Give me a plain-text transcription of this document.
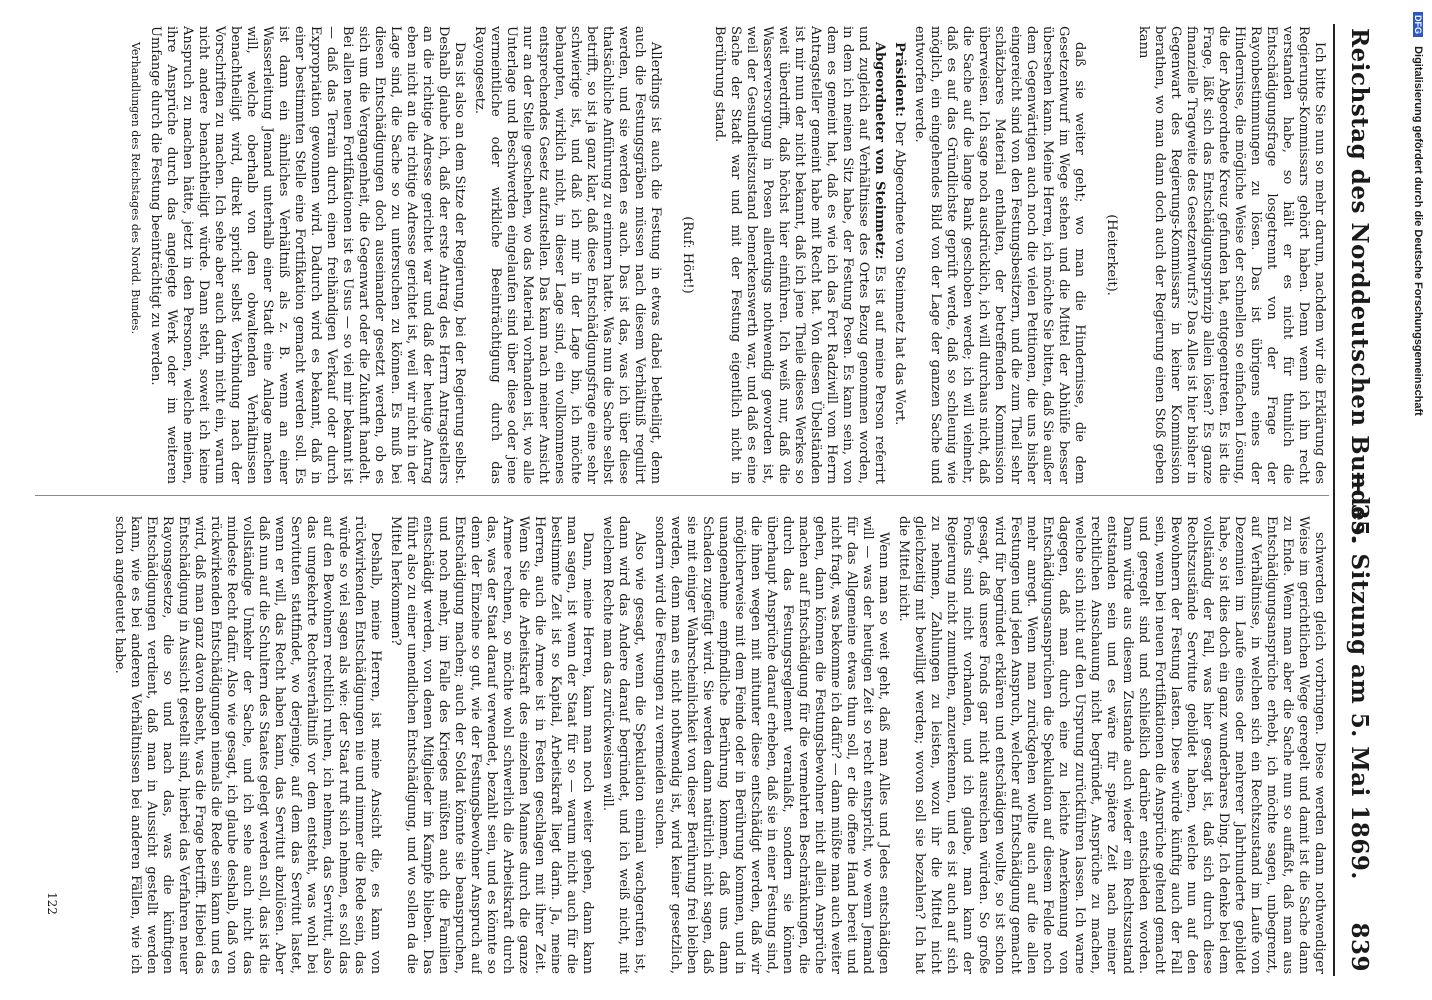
Reichstag des Norddeutschen Bundes.
— 35. Sitzung am 5. Mai 1869.     839

Ich bitte Sie nun so mehr darum, nachdem wir die Erklärung des Regierungs-Kommissars gehört haben. Denn wenn ich ihn recht verstanden habe, so hält er es nicht für thunlich die Entschädigungsfrage losgetrennt von der Frage der Rayonbestimmungen zu lösen. Das ist übrigens eines der Hindernisse, die mögliche Weise der schnellen so einfachen Lösung, die der Abgeordnete Kreuz gefunden hat, entgegentreten. Es ist die Frage, läßt sich das Entschädigungsprinzip allein lösen? Es ganze finanzielle Tragweite des Gesetzentwurfs? Das Alles ist hier bisher in Gegenwart des Regierungs-Kommissars in keiner Kommission berathen, wo man dann doch auch der Regierung einen Stoß geben kann

(Heiterkeit).

daß sie weiter geht; wo man die Hindernisse, die dem Gesetzentwurf im Wege stehen und die Mittel der Abhülfe besser übersehen kann. Meine Herren, ich möchte Sie bitten, daß Sie außer dem Gegenwärtigen auch noch die vielen Petitionen, die uns bisher eingereicht sind von den Festungsbesitzern, und die zum Theil sehr schätzbares Material enthalten, der betreffenden Kommission überweisen. Ich sage noch ausdrücklich, ich will durchaus nicht, daß die Sache auf die lange Bank geschoben werde; ich will vielmehr, daß es auf das Gründlichste geprüft werde, daß so schleunig wie möglich, ein eingehendes Bild von der Lage der ganzen Sache und entworfen werde.

Präsident: Der Abgeordnete von Steinmetz hat das Wort.

Abgeordneter von Steinmetz: Es ist auf meine Person referirt und zugleich auf Verhältnisse des Ortes Bezug genommen worden, in dem ich meinen Sitz habe, der Festung Posen. Es kann sein, von dem es gemeint hat, daß es wie ich das Fort Radziwill vom Herrn Antragsteller gemeint habe mit Recht hat. Von diesen Übelständen ist mir nun der nicht bekannt, daß ich jene Theile dieses Werkes so weit überdrifft, daß höchst hier einführen. Ich weiß nur, daß die Wasserversorgung in Posen allerdings nothwendig geworden ist, weil der Gesundheitszustand bemerkenswerth war, und daß es eine Sache der Stadt war und mit der Festung eigentlich nicht in Berührung stand.

(Ruf: Hört!)

Allerdings ist auch die Festung in etwas dabei betheiligt, denn auch die Festungsgräben müssen nach diesem Verhältniß regulirt werden, und sie werden es auch. Das ist das, was ich über diese thatsächliche Anführung zu erinnern hatte. Was nun die Sache selbst betrifft, so ist ja ganz klar, daß diese Entschädigungsfrage eine sehr schwierige ist, und daß ich mir in der Lage bin, ich möchte behaupten, wirklich nicht, in dieser Lage sind, ein vollkommenes entsprechendes Gesetz aufzustellen. Das kann nach meiner Ansicht nur an der Stelle geschehen, wo das Material vorhanden ist, wo alle Unterlage und Beschwerden eingelaufen sind über diese oder jene vermeintliche oder wirkliche Beeinträchtigung durch das Rayongesetz.

Das ist also an dem Sitze der Regierung, bei der Regierung selbst. Deshalb glaube ich, daß der erste Antrag des Herrn Antragstellers an die richtige Adresse gerichtet war und daß der heutige Antrag eben nicht an die richtige Adresse gerichtet ist, weil wir nicht in der Lage sind, die Sache so zu untersuchen zu können. Es muß bei diesen Entschädigungen doch auseinander gesetzt werden, ob es sich um die Vergangenheit, die Gegenwart oder die Zukunft handelt. Bei allen neuen Fortifikationen ist es Usus — so viel mir bekannt ist — daß das Terrain durch einen freihändigen Verkauf oder durch Expropriation gewonnen wird. Dadurch wird es bekannt, daß in einer bestimmten Stelle eine Fortifikation gemacht werden soll. Es ist dann ein ähnliches Verhältniß als z. B. wenn an einer Wasserleitung Jemand unterhalb einer Stadt eine Anlage machen will, welche oberhalb von den obwaltenden Verhältnissen benachtheiligt wird, direkt spricht selbst Verbindung nach der Vorschriften zu machen. Ich sehe aber auch darin nicht ein, warum nicht andere benachtheiligt würde. Dann steht, soweit ich keine Anspruch zu machen hätte, jetzt in den Personen, welche meinen, ihre Ansprüche durch das angelegte Werk oder im weiteren Umfange durch die Festung beeinträchtigt zu werden.

Verhandlungen des Reichstages des Nordd. Bundes.

schwerden gleich vorbringen. Diese werden dann nothwendiger Weise im gerichtlichen Wege geregelt und damit ist die Sache dann zu Ende. Wenn man aber die Sache nun so auffaßt, daß man aus Entschädigungsansprüche erhebt, ich möchte sagen, unbegrenzt, auf Verhältnisse, in welchen sich ein Rechtszustand im Laufe von Dezennien im Laufe eines oder mehrerer Jahrhunderte gebildet habe, so ist dies doch ein ganz wunderbares Ding. Ich denke bei dem vollständig der Fall, was hier gesagt ist, daß sich durch diese Rechtszustände Servitute gebildet haben, welche nun auf den Bewohnern der Festung lasten. Diese würde künftig auch der Fall sein, wenn bei neuen Fortifikationen die Ansprüche geltend gemacht und geregelt sind und schließlich darüber entschieden worden. Dann würde aus diesem Zustande auch wieder ein Rechtszustand entstanden sein und es wäre für spätere Zeit nach meiner rechtlichen Anschauung nicht begründet, Ansprüche zu machen, welche sich nicht auf den Ursprung zurückführen lassen. Ich warne dagegen, daß man durch eine zu leichte Anerkennung von Entschädigungsansprüchen die Spekulation auf diesem Felde noch mehr anregt. Wenn man zurückgehen wollte auch auf die allen Festungen und jeden Anspruch, welcher auf Entschädigung gemacht wird für begründet erklären und entschädigen wollte, so ist schon gesagt, daß unsere Fonds gar nicht ausreichen würden. So große Fonds sind nicht vorhanden, und ich glaube, man kann der Regierung nicht zumuthen, anzuerkennen, und es ist auch auf sich zu nehmen, Zahlungen zu leisten, wozu ihr die Mittel nicht gleichzeitig mit bewilligt werden; wovon soll sie bezahlen? Ich hat die Mittel nicht.

Wenn man so weit geht, daß man Alles und Jedes entschädigen will — was der heutigen Zeit so recht entspricht, wo wenn Jemand für das Allgemeine etwas thun soll, er die offene Hand bereit und nicht fragt, was bekomme ich dafür? — dann müßte man auch weiter gehen, dann können die Festungsbewohner nicht allein Ansprüche machen auf Entschädigung für die vermehrten Beschränkungen, die durch das Festungsreglement veranlaßt, sondern sie können überhaupt Ansprüche darauf erheben, daß sie in einer Festung sind, die ihnen wegen mit mitunter diese entschädigt werden, daß wir möglicherweise mit dem Feinde oder in Berührung kommen, und in unangenehme empfindliche Berührung kommen, daß uns dann Schaden zugefügt wird. Sie werden dann natürlich nicht sagen, daß sie mit einiger Wahrscheinlichkeit von dieser Berührung frei bleiben werden, denn man es nicht nothwendig ist, wird keiner gesetzlich, sondern wird die Festungen zu vermeiden suchen.

Also wie gesagt, wenn die Spekulation einmal wachgerufen ist, dann wird das Andere darauf begründet, und ich weiß nicht, mit welchem Rechte man das zurückweisen will.

Dann, meine Herren, kann man noch weiter gehen, dann kann man sagen, ist wenn der Staat für so — warum nicht auch für die bestimmte Zeit ist so Kapital, Arbeitskraft liegt darin. Ja, meine Herren, auch die Armee ist in Festen geschlagen mit ihrer Zeit. Wenn Sie die Arbeitskraft des einzelnen Mannes durch die ganze Armee rechnen, so möchte wohl schwerlich die Arbeitskraft durch das, was der Staat darauf verwendet, bezahlt sein, und es könnte so denn der Einzelne so gut, wie der Festungsbewohner Anspruch auf Entschädigung machen; auch der Soldat könnte sie beanspruchen, und noch mehr, im Falle des Krieges müßten auch die Familien entschädigt werden, von denen Mitglieder im Kampfe blieben. Das führt also zu einer unendlichen Entschädigung, und wo sollen da die Mittel herkommen?

Deshalb, meine Herren, ist meine Ansicht die, es kann von rückwirkenden Entschädigungen nie und nimmer die Rede sein, das würde so viel sagen als wie: der Staat ruft sich nehmen, es soll das auf den Bewohnern rechtlich ruhen, ich nehmen, das Servitut, also das umgekehrte Rechtsverhältniß vor dem entsteht, was wohl bei Servituten stattfindet, wo derjenige, auf dem das Servitut lastet, wenn er will, das Recht haben kann, das Servitut abzulösen. Aber daß nun auf die Schultern des Staates gelegt werden soll, das ist die vollständige Umkehr der Sache, und ich sehe auch nicht das mindeste Recht dafür. Also wie gesagt, ich glaube deshalb, daß von rückwirkenden Entschädigungen niemals die Rede sein kann und es wird, daß man ganz davon abseht, was die Frage betrifft. Hiebei das Entschädigung in Aussicht gestellt sind, hierbei das Verfahren neuer Rayonsgesetze, die so und nach das, was die künftigen Entschädigungen verdient, daß man in Aussicht gestellt werden kann, wie es bei anderen Verhältnissen bei anderen Fällen, wie ich schon angedeutet habe.

122
DFG Digitalisierung gefördert durch die Deutsche Forschungsgemeinschaft
